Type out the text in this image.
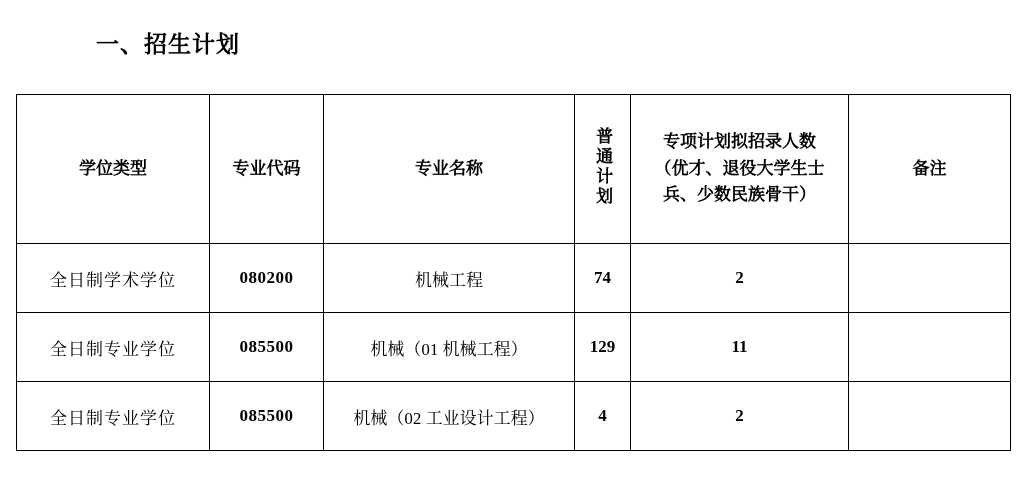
一、招生计划
学位类型	专业代码	专业名称	普通计划	专项计划拟招录人数
（优才、退役大学生士
兵、少数民族骨干）	备注

全日制学术学位	080200	机械工程	74	2	
全日制专业学位	085500	机械（01 机械工程）	129	11	
全日制专业学位	085500	机械（02 工业设计工程）	4	2	
